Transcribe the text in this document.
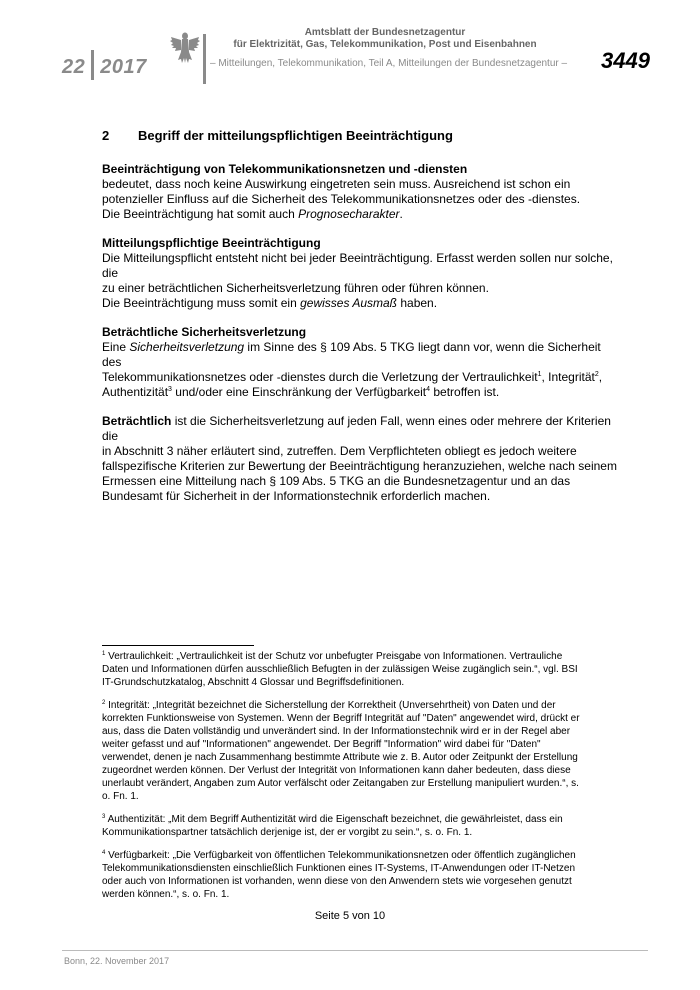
22 2017
Amtsblatt der Bundesnetzagentur
für Elektrizität, Gas, Telekommunikation, Post und Eisenbahnen
– Mitteilungen, Telekommunikation, Teil A, Mitteilungen der Bundesnetzagentur –	3449
2 Begriff der mitteilungspflichtigen Beeinträchtigung

Beeinträchtigung von Telekommunikationsnetzen und -diensten

bedeutet, dass noch keine Auswirkung eingetreten sein muss. Ausreichend ist schon ein

potenzieller Einfluss auf die Sicherheit des Telekommunikationsnetzes oder des -dienstes.

Die Beeinträchtigung hat somit auch Prognosecharakter.

Mitteilungspflichtige Beeinträchtigung

Die Mitteilungspflicht entsteht nicht bei jeder Beeinträchtigung. Erfasst werden sollen nur solche, die

zu einer beträchtlichen Sicherheitsverletzung führen oder führen können.

Die Beeinträchtigung muss somit ein gewisses Ausmaß haben.

Beträchtliche Sicherheitsverletzung

Eine Sicherheitsverletzung im Sinne des § 109 Abs. 5 TKG liegt dann vor, wenn die Sicherheit des

Telekommunikationsnetzes oder -dienstes durch die Verletzung der Vertraulichkeit$^1$, Integrität$^2$,

Authentizität$^3$ und/oder eine Einschränkung der Verfügbarkeit$^4$ betroffen ist.

Beträchtlich ist die Sicherheitsverletzung auf jeden Fall, wenn eines oder mehrere der Kriterien die

in Abschnitt 3 näher erläutert sind, zutreffen. Dem Verpflichteten obliegt es jedoch weitere

fallspezifische Kriterien zur Bewertung der Beeinträchtigung heranzuziehen, welche nach seinem

Ermessen eine Mitteilung nach § 109 Abs. 5 TKG an die Bundesnetzagentur und an das

Bundesamt für Sicherheit in der Informationstechnik erforderlich machen.

$^1$ Vertraulichkeit: „Vertraulichkeit ist der Schutz vor unbefugter Preisgabe von Informationen. Vertrauliche
Daten und Informationen dürfen ausschließlich Befugten in der zulässigen Weise zugänglich sein.“, vgl. BSI
IT-Grundschutzkatalog, Abschnitt 4 Glossar und Begriffsdefinitionen.
$^2$ Integrität: „Integrität bezeichnet die Sicherstellung der Korrektheit (Unversehrtheit) von Daten und der
korrekten Funktionsweise von Systemen. Wenn der Begriff Integrität auf "Daten" angewendet wird, drückt er
aus, dass die Daten vollständig und unverändert sind. In der Informationstechnik wird er in der Regel aber
weiter gefasst und auf "Informationen" angewendet. Der Begriff "Information" wird dabei für "Daten"
verwendet, denen je nach Zusammenhang bestimmte Attribute wie z. B. Autor oder Zeitpunkt der Erstellung
zugeordnet werden können. Der Verlust der Integrität von Informationen kann daher bedeuten, dass diese
unerlaubt verändert, Angaben zum Autor verfälscht oder Zeitangaben zur Erstellung manipuliert wurden.“, s.
o. Fn. 1.
$^3$ Authentizität: „Mit dem Begriff Authentizität wird die Eigenschaft bezeichnet, die gewährleistet, dass ein
Kommunikationspartner tatsächlich derjenige ist, der er vorgibt zu sein.“, s. o. Fn. 1.
$^4$ Verfügbarkeit: „Die Verfügbarkeit von öffentlichen Telekommunikationsnetzen oder öffentlich zugänglichen
Telekommunikationsdiensten einschließlich Funktionen eines IT-Systems, IT-Anwendungen oder IT-Netzen
oder auch von Informationen ist vorhanden, wenn diese von den Anwendern stets wie vorgesehen genutzt
werden können.“, s. o. Fn. 1.
Seite 5 von 10
Bonn, 22. November 2017
